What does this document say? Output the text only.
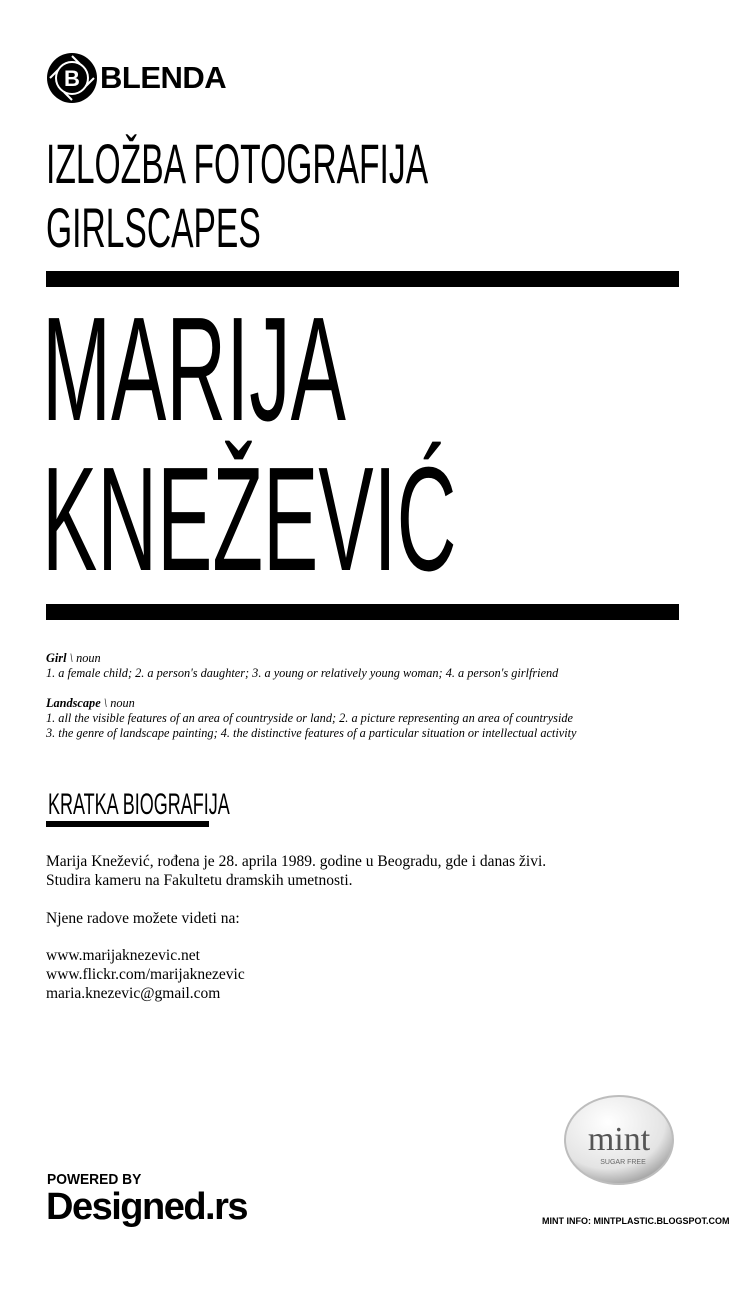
B BLENDA
IZLOŽBA FOTOGRAFIJA
GIRLSCAPES
MARIJA
KNEŽEVIĆ
Girl \ noun
1. a female child; 2. a person's daughter; 3. a young or relatively young woman; 4. a person's girlfriend
Landscape \ noun
1. all the visible features of an area of countryside or land; 2. a picture representing an area of countryside
3. the genre of landscape painting; 4. the distinctive features of a particular situation or intellectual activity
KRATKA BIOGRAFIJA
Marija Knežević, rođena je 28. aprila 1989. godine u Beogradu, gde i danas živi.
Studira kameru na Fakultetu dramskih umetnosti.
Njene radove možete videti na:
www.marijaknezevic.net
www.flickr.com/marijaknezevic
maria.knezevic@gmail.com
mint
SUGAR FREE
MINT INFO: MINTPLASTIC.BLOGSPOT.COM
POWERED BY
Designed.rs
